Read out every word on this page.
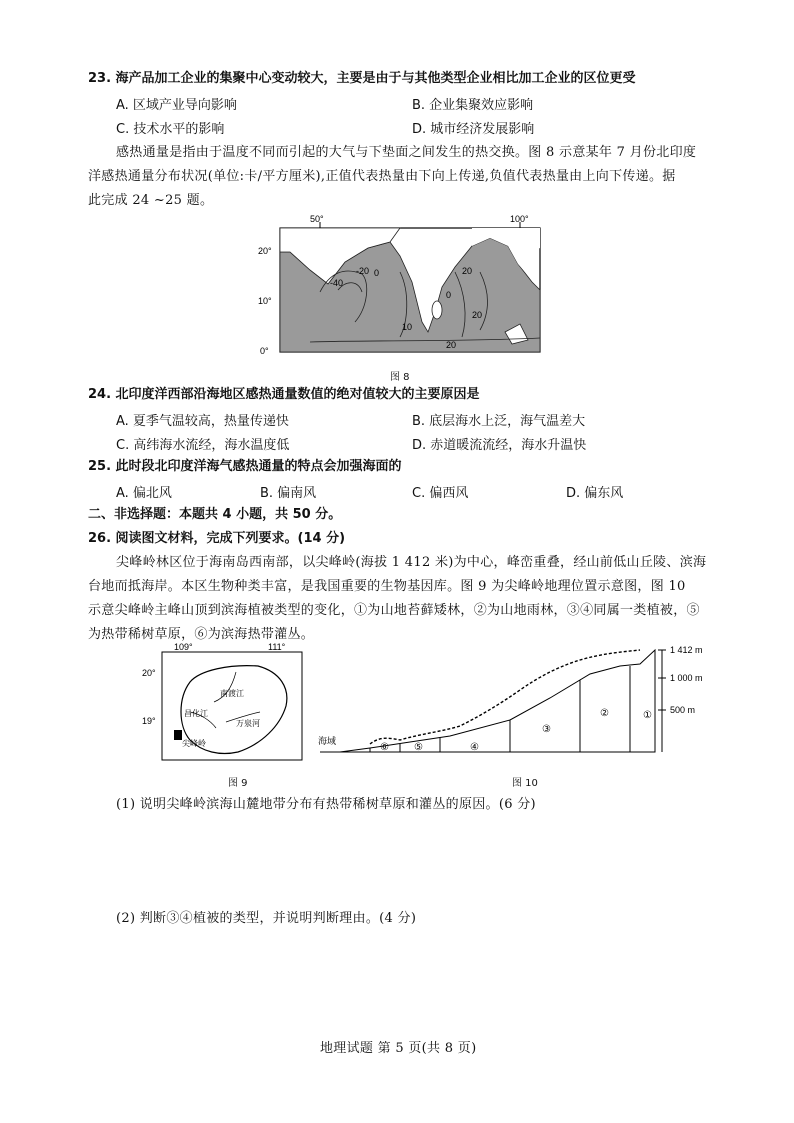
23. 海产品加工企业的集聚中心变动较大，主要是由于与其他类型企业相比加工企业的区位更受
A. 区域产业导向影响	B. 企业集聚效应影响
C. 技术水平的影响	D. 城市经济发展影响
感热通量是指由于温度不同而引起的大气与下垫面之间发生的热交换。图 8 示意某年 7 月份北印度
洋感热通量分布状况(单位:卡/平方厘米),正值代表热量由下向上传递,负值代表热量由上向下传递。据
此完成 24 ~25 题。
50°	100°
20°
10°
0°
-20
-40
0	20
0
10
20
20
图 8
24. 北印度洋西部沿海地区感热通量数值的绝对值较大的主要原因是
A. 夏季气温较高，热量传递快	B. 底层海水上泛，海气温差大
C. 高纬海水流经，海水温度低	D. 赤道暖流流经，海水升温快
25. 此时段北印度洋海气感热通量的特点会加强海面的
A. 偏北风	B. 偏南风	C. 偏西风	D. 偏东风
二、非选择题：本题共 4 小题，共 50 分。
26. 阅读图文材料，完成下列要求。(14 分)
尖峰岭林区位于海南岛西南部，以尖峰岭(海拔 1 412 米)为中心，峰峦重叠，经山前低山丘陵、滨海
台地而抵海岸。本区生物种类丰富，是我国重要的生物基因库。图 9 为尖峰岭地理位置示意图，图 10
示意尖峰岭主峰山顶到滨海植被类型的变化，①为山地苔藓矮林，②为山地雨林，③④同属一类植被，⑤
为热带稀树草原，⑥为滨海热带灌丛。
20°
19°
109°	111°
南渡江
万泉河
昌化江
尖峰岭
图 9
1 412 m
1 000 m
500 m
①
②
③
④
⑤
⑥
海域
图 10
(1) 说明尖峰岭滨海山麓地带分布有热带稀树草原和灌丛的原因。(6 分)
(2) 判断③④植被的类型，并说明判断理由。(4 分)
地理试题 第 5 页(共 8 页)
